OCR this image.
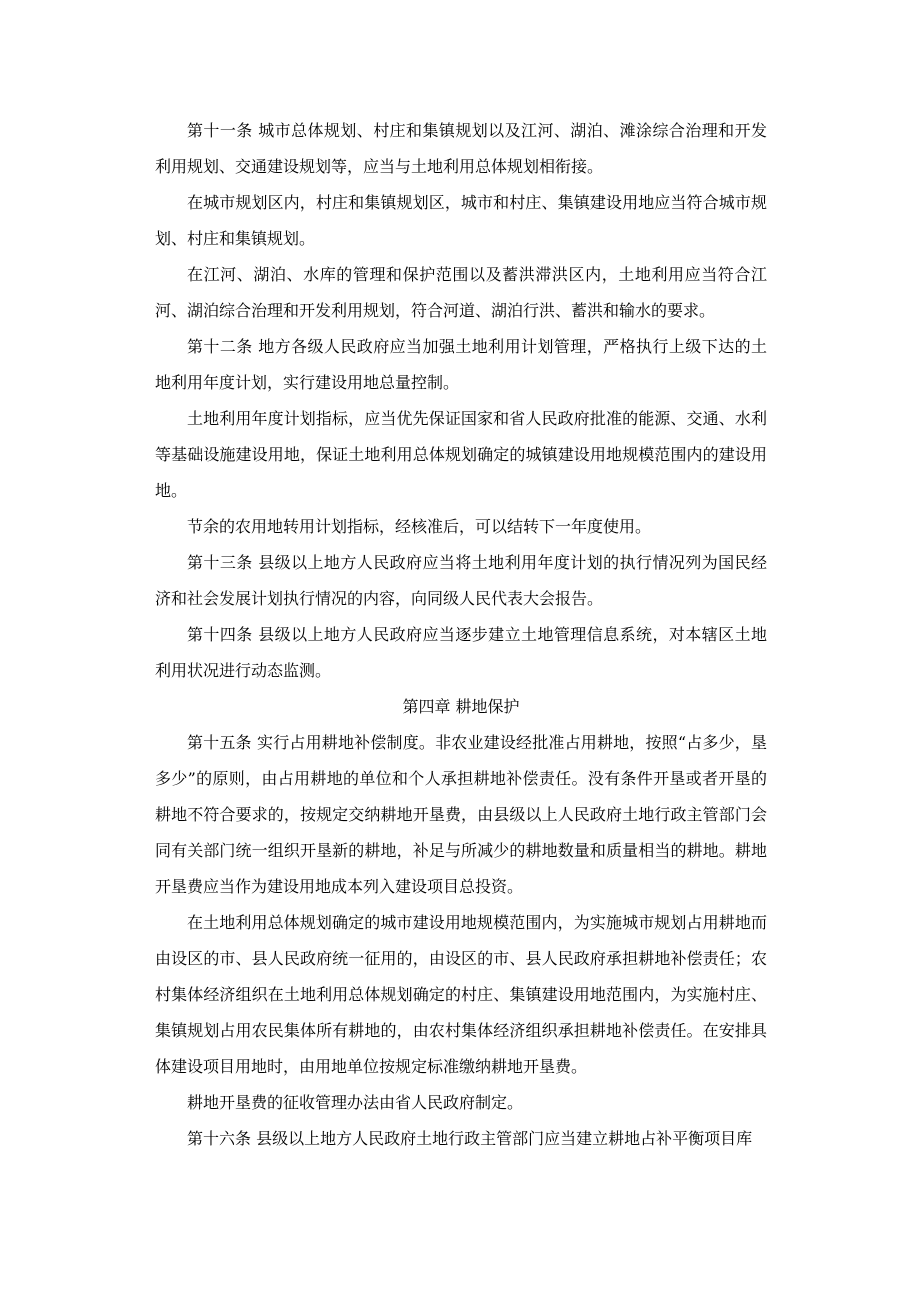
第十一条 城市总体规划、村庄和集镇规划以及江河、湖泊、滩涂综合治理和开发利用规划、交通建设规划等，应当与土地利用总体规划相衔接。

在城市规划区内，村庄和集镇规划区，城市和村庄、集镇建设用地应当符合城市规划、村庄和集镇规划。

在江河、湖泊、水库的管理和保护范围以及蓄洪滞洪区内，土地利用应当符合江河、湖泊综合治理和开发利用规划，符合河道、湖泊行洪、蓄洪和输水的要求。

第十二条 地方各级人民政府应当加强土地利用计划管理，严格执行上级下达的土地利用年度计划，实行建设用地总量控制。

土地利用年度计划指标，应当优先保证国家和省人民政府批准的能源、交通、水利等基础设施建设用地，保证土地利用总体规划确定的城镇建设用地规模范围内的建设用地。

节余的农用地转用计划指标，经核准后，可以结转下一年度使用。

第十三条 县级以上地方人民政府应当将土地利用年度计划的执行情况列为国民经济和社会发展计划执行情况的内容，向同级人民代表大会报告。

第十四条 县级以上地方人民政府应当逐步建立土地管理信息系统，对本辖区土地利用状况进行动态监测。

第四章 耕地保护

第十五条 实行占用耕地补偿制度。非农业建设经批准占用耕地，按照“占多少，垦多少”的原则，由占用耕地的单位和个人承担耕地补偿责任。没有条件开垦或者开垦的耕地不符合要求的，按规定交纳耕地开垦费，由县级以上人民政府土地行政主管部门会同有关部门统一组织开垦新的耕地，补足与所减少的耕地数量和质量相当的耕地。耕地开垦费应当作为建设用地成本列入建设项目总投资。

在土地利用总体规划确定的城市建设用地规模范围内，为实施城市规划占用耕地而由设区的市、县人民政府统一征用的，由设区的市、县人民政府承担耕地补偿责任；农村集体经济组织在土地利用总体规划确定的村庄、集镇建设用地范围内，为实施村庄、集镇规划占用农民集体所有耕地的，由农村集体经济组织承担耕地补偿责任。在安排具体建设项目用地时，由用地单位按规定标准缴纳耕地开垦费。

耕地开垦费的征收管理办法由省人民政府制定。

第十六条 县级以上地方人民政府土地行政主管部门应当建立耕地占补平衡项目库
